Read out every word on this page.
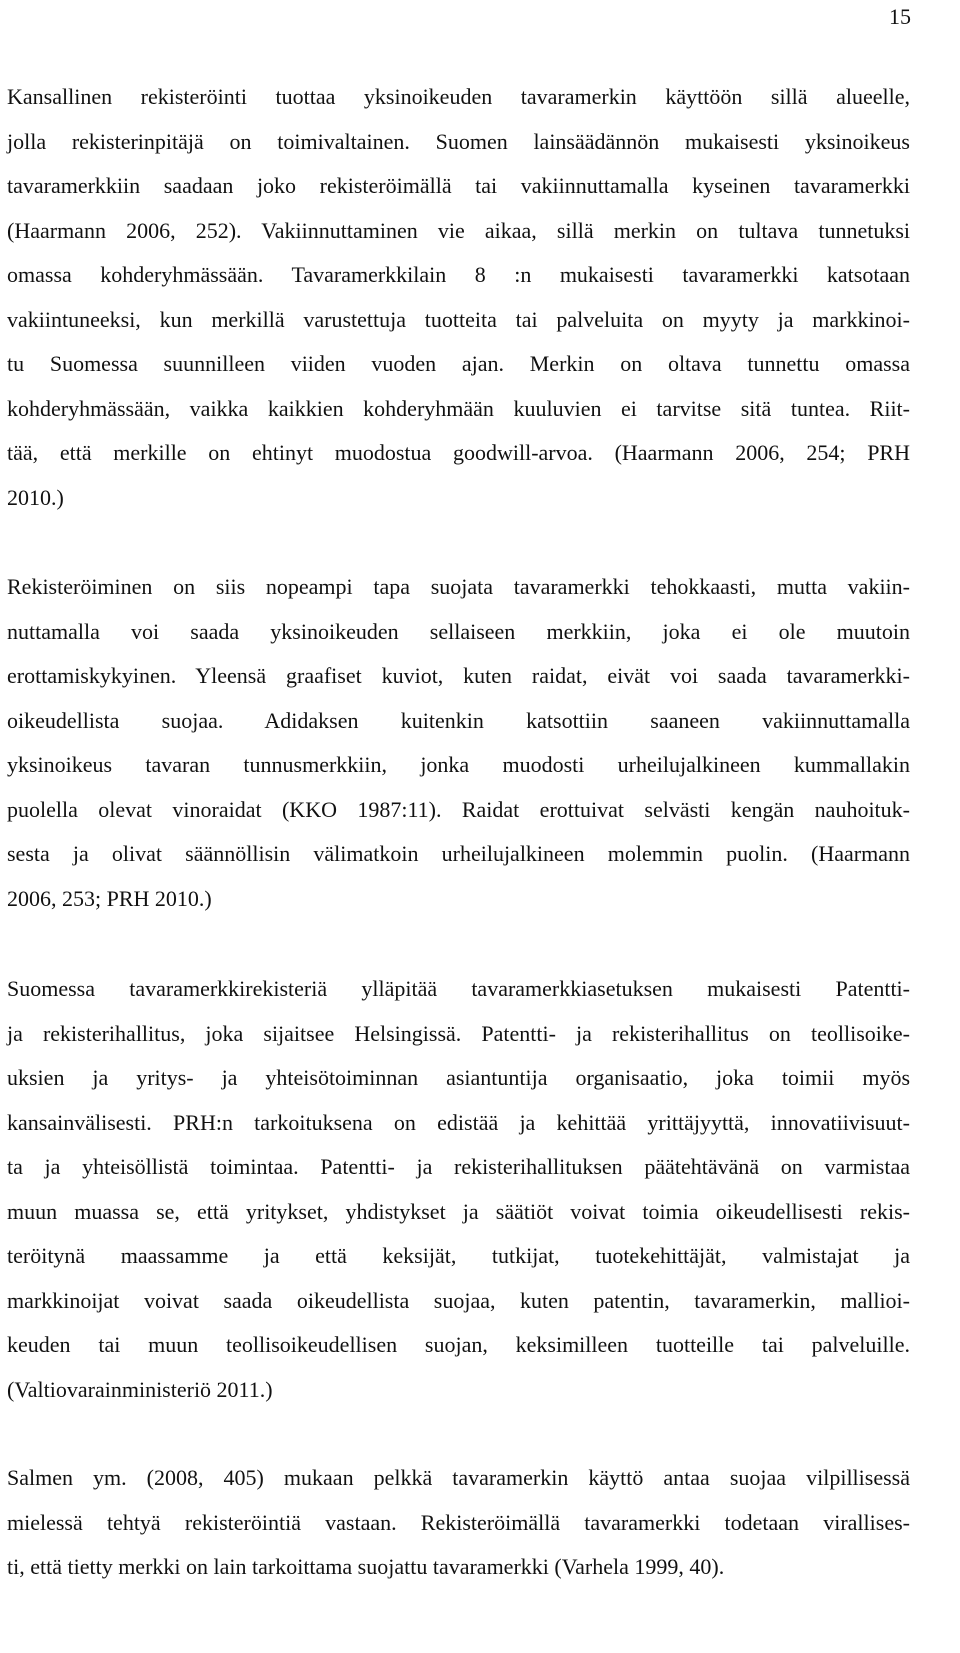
15

Kansallinen rekisteröinti tuottaa yksinoikeuden tavaramerkin käyttöön sillä alueelle,
jolla rekisterinpitäjä on toimivaltainen. Suomen lainsäädännön mukaisesti yksinoikeus
tavaramerkkiin saadaan joko rekisteröimällä tai vakiinnuttamalla kyseinen tavaramerkki
(Haarmann 2006, 252). Vakiinnuttaminen vie aikaa, sillä merkin on tultava tunnetuksi
omassa kohderyhmässään. Tavaramerkkilain 8 :n mukaisesti tavaramerkki katsotaan
vakiintuneeksi, kun merkillä varustettuja tuotteita tai palveluita on myyty ja markkinoi-
tu Suomessa suunnilleen viiden vuoden ajan. Merkin on oltava tunnettu omassa
kohderyhmässään, vaikka kaikkien kohderyhmään kuuluvien ei tarvitse sitä tuntea. Riit-
tää, että merkille on ehtinyt muodostua goodwill-arvoa. (Haarmann 2006, 254; PRH
2010.)

Rekisteröiminen on siis nopeampi tapa suojata tavaramerkki tehokkaasti, mutta vakiin-
nuttamalla voi saada yksinoikeuden sellaiseen merkkiin, joka ei ole muutoin
erottamiskykyinen. Yleensä graafiset kuviot, kuten raidat, eivät voi saada tavaramerkki-
oikeudellista suojaa. Adidaksen kuitenkin katsottiin saaneen vakiinnuttamalla
yksinoikeus tavaran tunnusmerkkiin, jonka muodosti urheilujalkineen kummallakin
puolella olevat vinoraidat (KKO 1987:11). Raidat erottuivat selvästi kengän nauhoituk-
sesta ja olivat säännöllisin välimatkoin urheilujalkineen molemmin puolin. (Haarmann
2006, 253; PRH 2010.)

Suomessa tavaramerkkirekisteriä ylläpitää tavaramerkkiasetuksen mukaisesti Patentti-
ja rekisterihallitus, joka sijaitsee Helsingissä. Patentti- ja rekisterihallitus on teollisoike-
uksien ja yritys- ja yhteisötoiminnan asiantuntija organisaatio, joka toimii myös
kansainvälisesti. PRH:n tarkoituksena on edistää ja kehittää yrittäjyyttä, innovatiivisuut-
ta ja yhteisöllistä toimintaa. Patentti- ja rekisterihallituksen päätehtävänä on varmistaa
muun muassa se, että yritykset, yhdistykset ja säätiöt voivat toimia oikeudellisesti rekis-
teröitynä maassamme ja että keksijät, tutkijat, tuotekehittäjät, valmistajat ja
markkinoijat voivat saada oikeudellista suojaa, kuten patentin, tavaramerkin, mallioi-
keuden tai muun teollisoikeudellisen suojan, keksimilleen tuotteille tai palveluille.
(Valtiovarainministeriö 2011.)

Salmen ym. (2008, 405) mukaan pelkkä tavaramerkin käyttö antaa suojaa vilpillisessä
mielessä tehtyä rekisteröintiä vastaan. Rekisteröimällä tavaramerkki todetaan virallises-
ti, että tietty merkki on lain tarkoittama suojattu tavaramerkki (Varhela 1999, 40).
